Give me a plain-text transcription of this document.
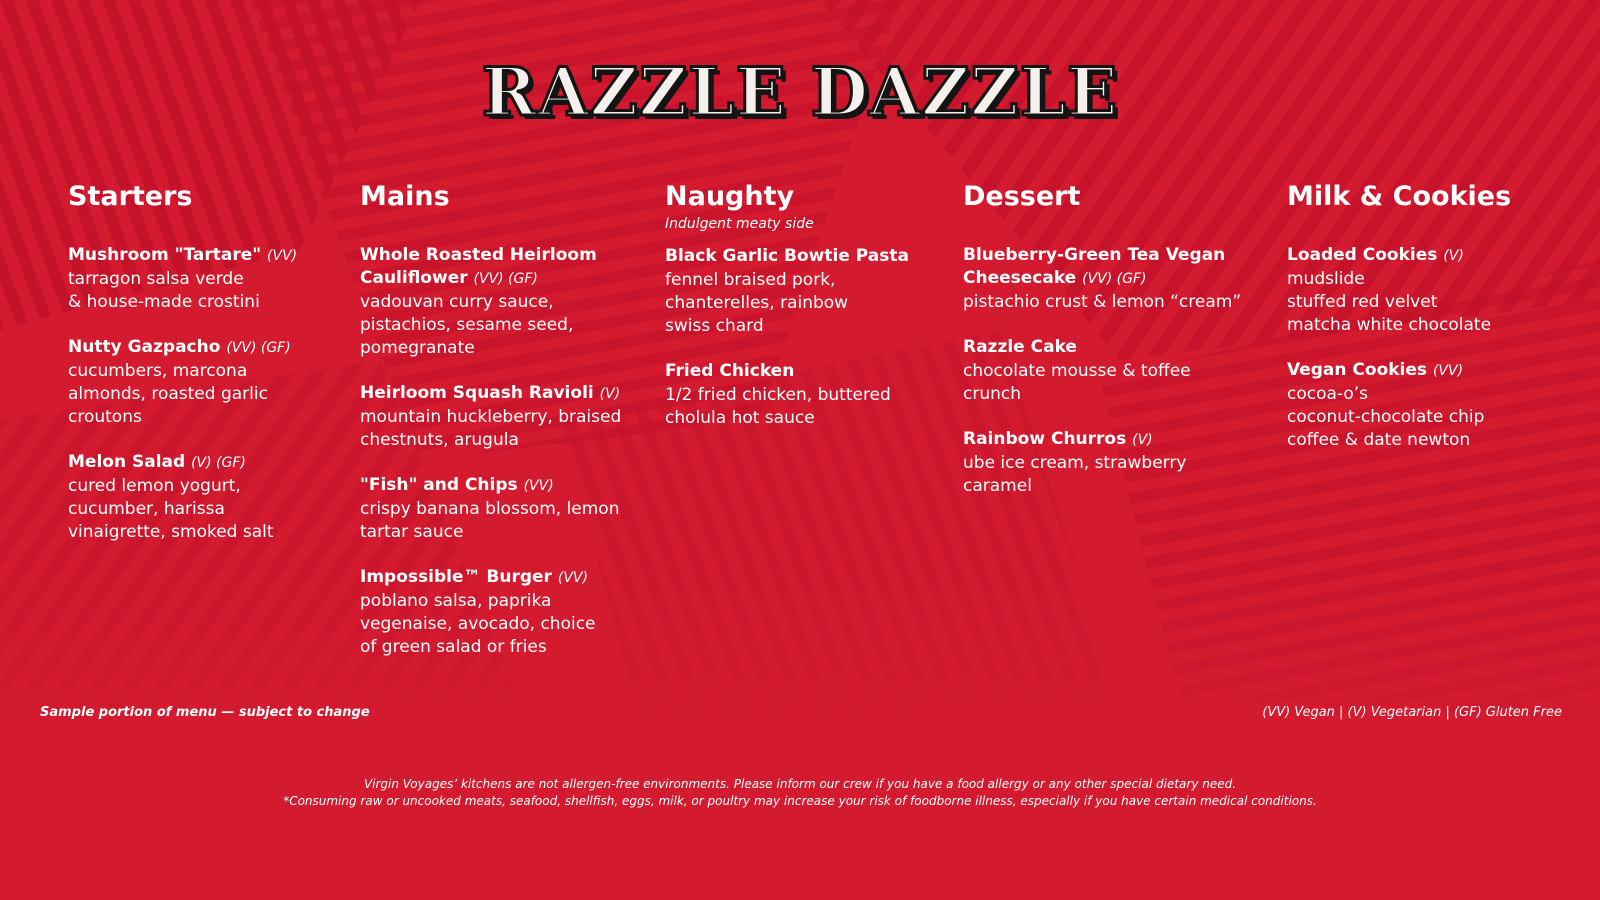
RAZZLE DAZZLE
Starters
Mushroom "Tartare" (VV)
tarragon salsa verde
& house-made crostini
Nutty Gazpacho (VV) (GF)
cucumbers, marcona
almonds, roasted garlic
croutons
Melon Salad (V) (GF)
cured lemon yogurt,
cucumber, harissa
vinaigrette, smoked salt
Mains
Whole Roasted Heirloom Cauliflower (VV) (GF)
vadouvan curry sauce,
pistachios, sesame seed,
pomegranate
Heirloom Squash Ravioli (V)
mountain huckleberry, braised
chestnuts, arugula
"Fish" and Chips (VV)
crispy banana blossom, lemon
tartar sauce
Impossible™ Burger (VV)
poblano salsa, paprika
vegenaise, avocado, choice
of green salad or fries
Naughty
Indulgent meaty side
Black Garlic Bowtie Pasta
fennel braised pork,
chanterelles, rainbow
swiss chard
Fried Chicken
1/2 fried chicken, buttered
cholula hot sauce
Dessert
Blueberry-Green Tea Vegan Cheesecake (VV) (GF)
pistachio crust & lemon “cream”
Razzle Cake
chocolate mousse & toffee
crunch
Rainbow Churros (V)
ube ice cream, strawberry
caramel
Milk & Cookies
Loaded Cookies (V)
mudslide
stuffed red velvet
matcha white chocolate
Vegan Cookies (VV)
cocoa-o’s
coconut-chocolate chip
coffee & date newton
Sample portion of menu — subject to change	(VV) Vegan | (V) Vegetarian | (GF) Gluten Free
Virgin Voyages’ kitchens are not allergen-free environments. Please inform our crew if you have a food allergy or any other special dietary need.
*Consuming raw or uncooked meats, seafood, shellfish, eggs, milk, or poultry may increase your risk of foodborne illness, especially if you have certain medical conditions.
